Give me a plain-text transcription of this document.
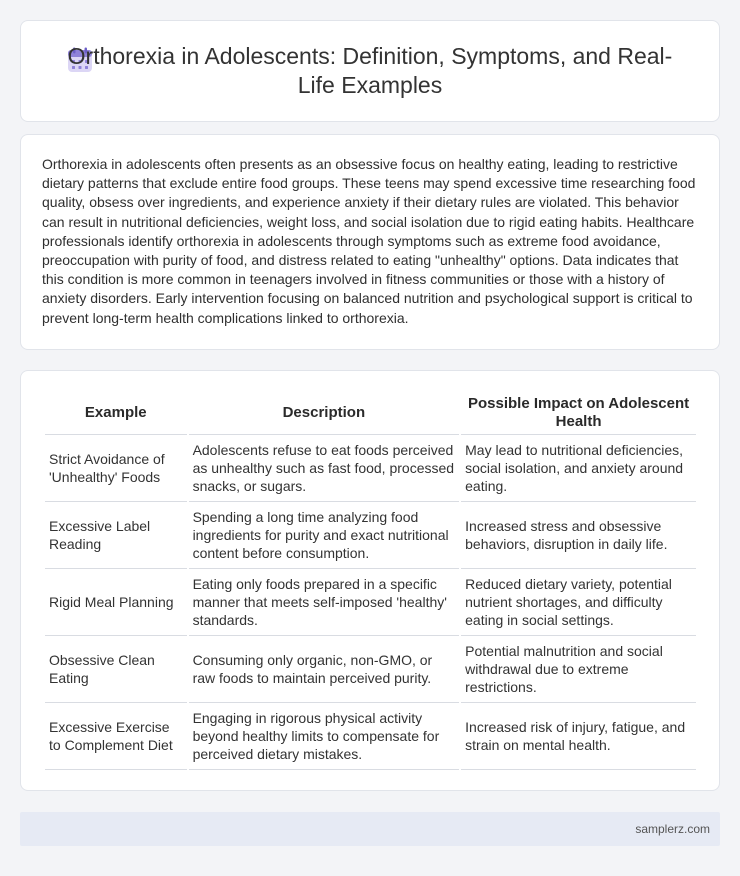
Orthorexia in Adolescents: Definition, Symptoms, and Real-Life Examples

Orthorexia in adolescents often presents as an obsessive focus on healthy eating, leading to restrictive dietary patterns that exclude entire food groups. These teens may spend excessive time researching food quality, obsess over ingredients, and experience anxiety if their dietary rules are violated. This behavior can result in nutritional deficiencies, weight loss, and social isolation due to rigid eating habits. Healthcare professionals identify orthorexia in adolescents through symptoms such as extreme food avoidance, preoccupation with purity of food, and distress related to eating "unhealthy" options. Data indicates that this condition is more common in teenagers involved in fitness communities or those with a history of anxiety disorders. Early intervention focusing on balanced nutrition and psychological support is critical to prevent long-term health complications linked to orthorexia.

Example	Description	Possible Impact on Adolescent Health
Strict Avoidance of 'Unhealthy' Foods	Adolescents refuse to eat foods perceived as unhealthy such as fast food, processed snacks, or sugars.	May lead to nutritional deficiencies, social isolation, and anxiety around eating.
Excessive Label Reading	Spending a long time analyzing food ingredients for purity and exact nutritional content before consumption.	Increased stress and obsessive behaviors, disruption in daily life.
Rigid Meal Planning	Eating only foods prepared in a specific manner that meets self-imposed 'healthy' standards.	Reduced dietary variety, potential nutrient shortages, and difficulty eating in social settings.
Obsessive Clean Eating	Consuming only organic, non-GMO, or raw foods to maintain perceived purity.	Potential malnutrition and social withdrawal due to extreme restrictions.
Excessive Exercise to Complement Diet	Engaging in rigorous physical activity beyond healthy limits to compensate for perceived dietary mistakes.	Increased risk of injury, fatigue, and strain on mental health.
samplerz.com
